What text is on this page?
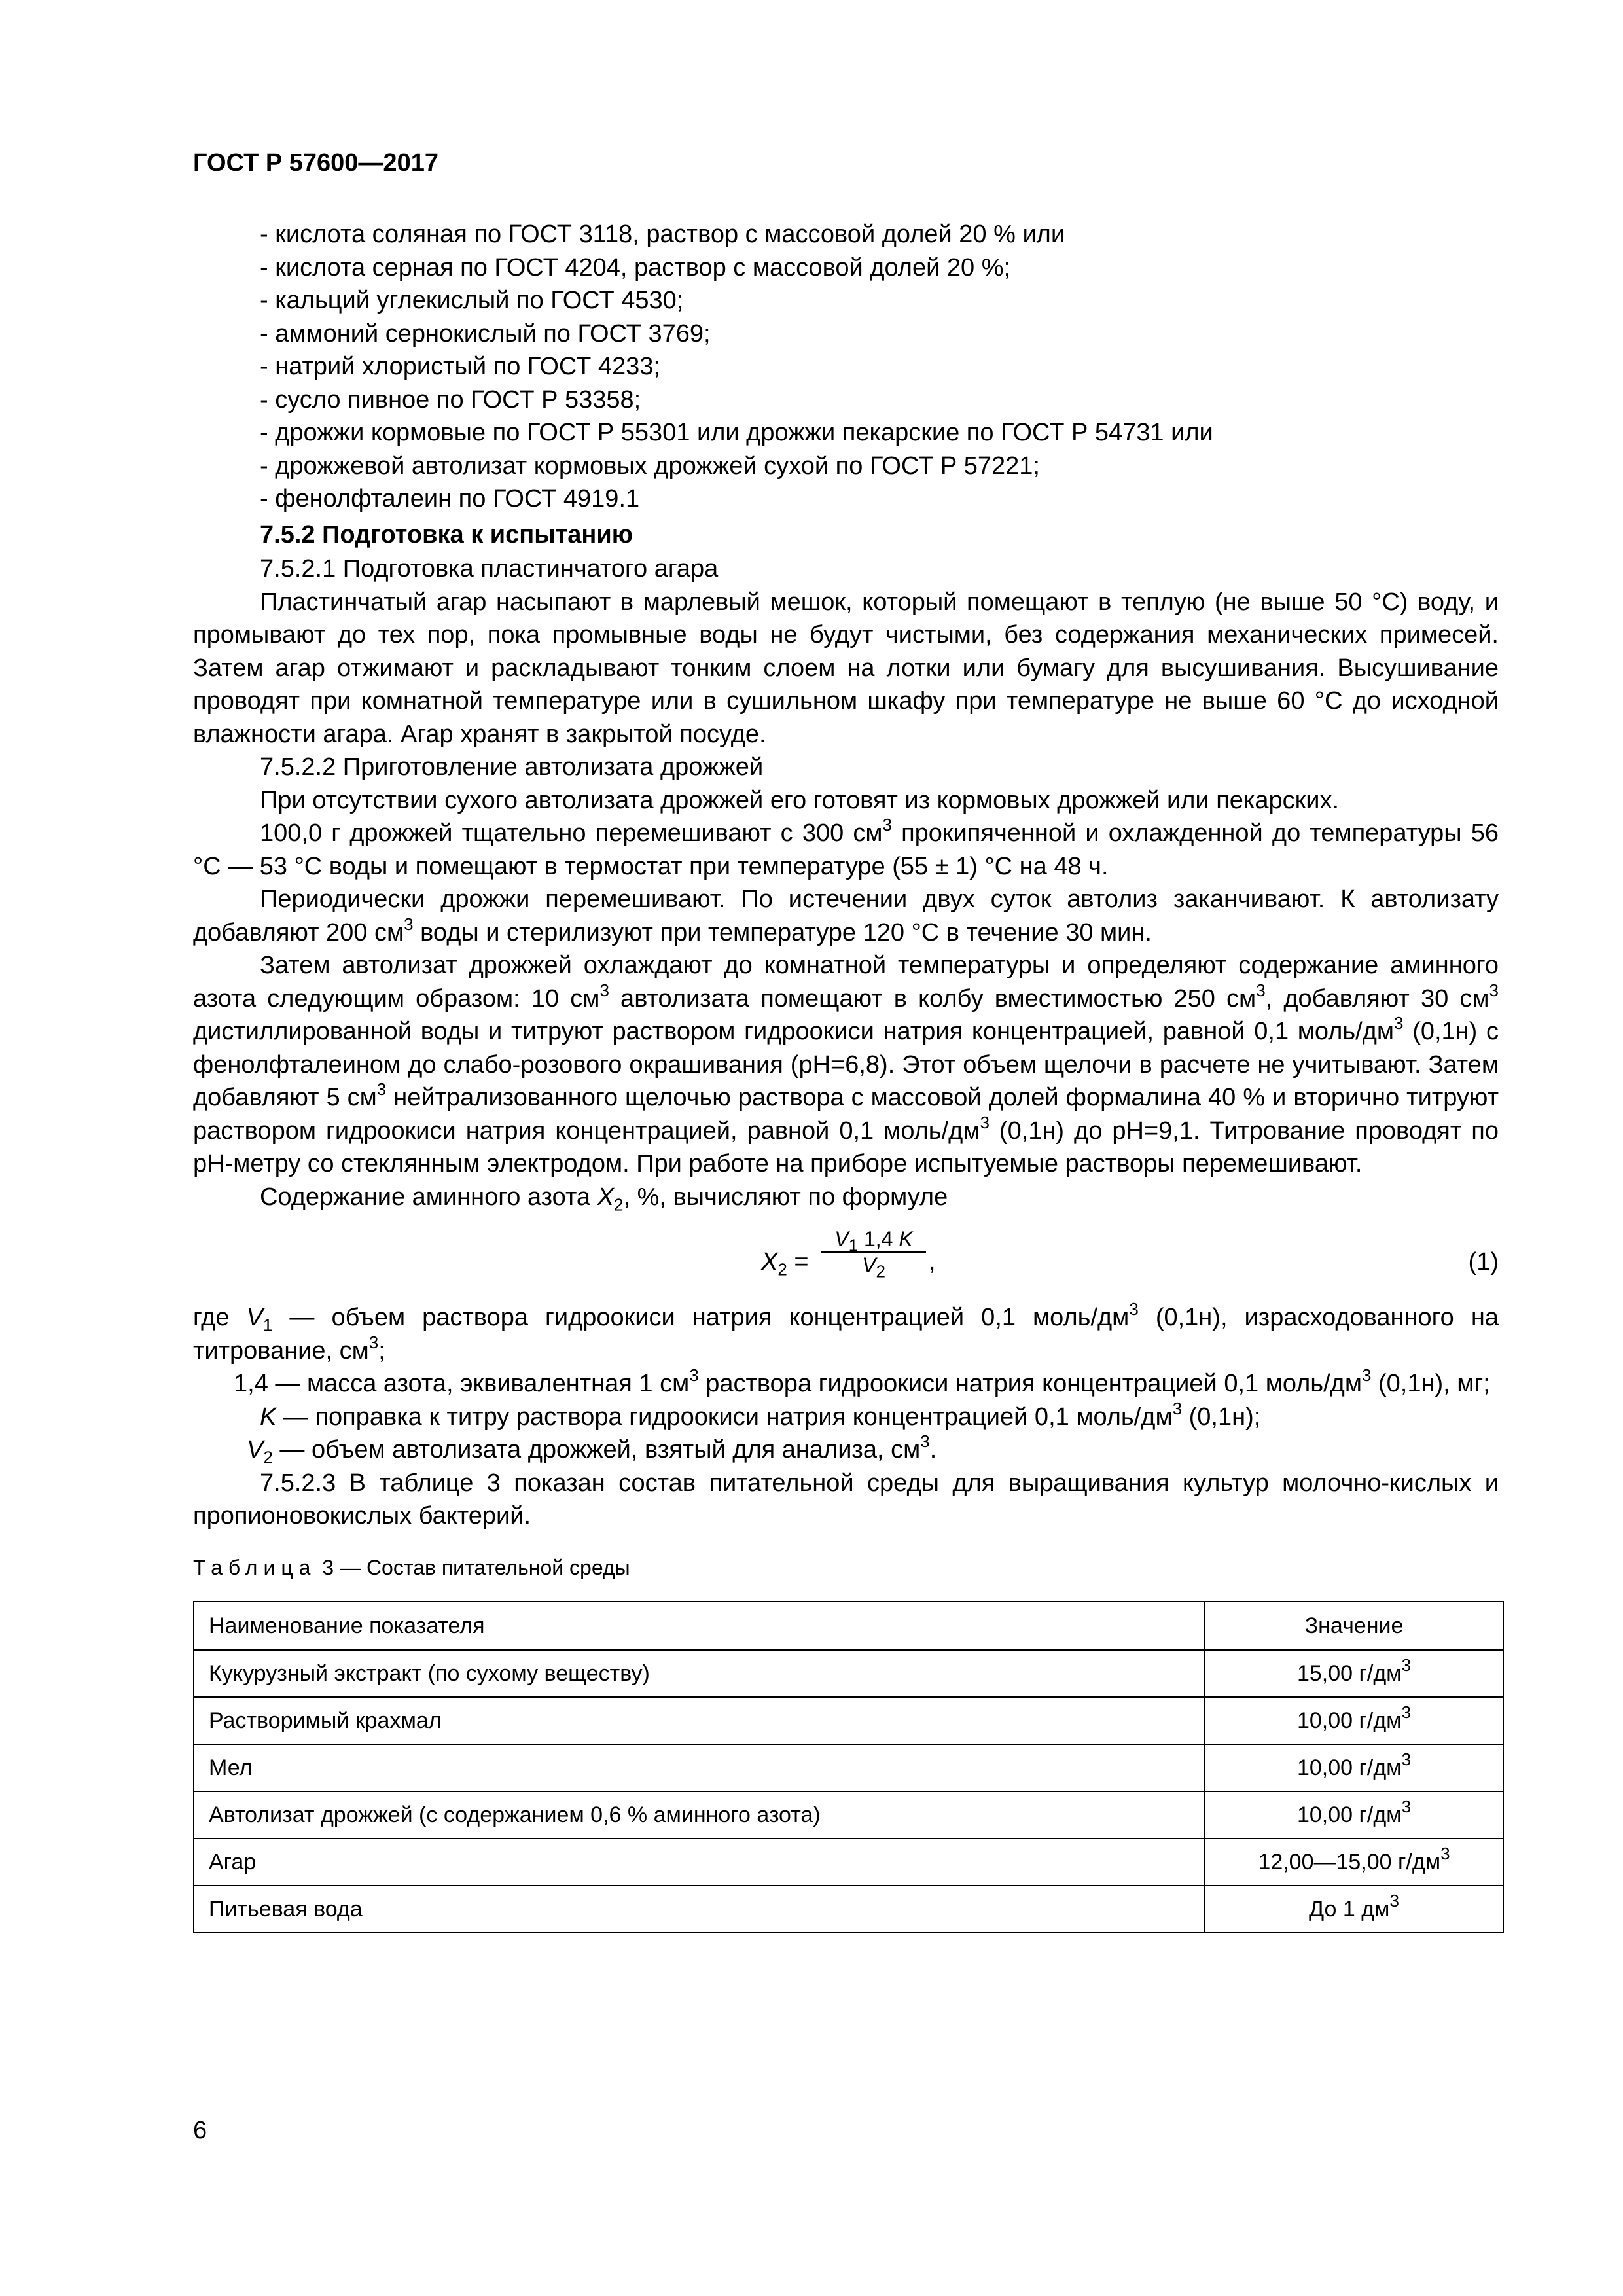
ГОСТ Р 57600—2017
- кислота соляная по ГОСТ 3118, раствор с массовой долей 20 % или
- кислота серная по ГОСТ 4204, раствор с массовой долей 20 %;
- кальций углекислый по ГОСТ 4530;
- аммоний сернокислый по ГОСТ 3769;
- натрий хлористый по ГОСТ 4233;
- сусло пивное по ГОСТ Р 53358;
- дрожжи кормовые по ГОСТ Р 55301 или дрожжи пекарские по ГОСТ Р 54731 или
- дрожжевой автолизат кормовых дрожжей сухой по ГОСТ Р 57221;
- фенолфталеин по ГОСТ 4919.1
7.5.2 Подготовка к испытанию

7.5.2.1 Подготовка пластинчатого агара

Пластинчатый агар насыпают в марлевый мешок, который помещают в теплую (не выше 50 °С) воду, и промывают до тех пор, пока промывные воды не будут чистыми, без содержания механических примесей. Затем агар отжимают и раскладывают тонким слоем на лотки или бумагу для высушивания. Высушивание проводят при комнатной температуре или в сушильном шкафу при температуре не выше 60 °С до исходной влажности агара. Агар хранят в закрытой посуде.

7.5.2.2 Приготовление автолизата дрожжей

При отсутствии сухого автолизата дрожжей его готовят из кормовых дрожжей или пекарских.

100,0 г дрожжей тщательно перемешивают с 300 $см^3$ прокипяченной и охлажденной до температуры 56 °С — 53 °С воды и помещают в термостат при температуре (55 ± 1) °С на 48 ч.

Периодически дрожжи перемешивают. По истечении двух суток автолиз заканчивают. К автолизату добавляют 200 $см^3$ воды и стерилизуют при температуре 120 °С в течение 30 мин.

Затем автолизат дрожжей охлаждают до комнатной температуры и определяют содержание аминного азота следующим образом: 10 $см^3$ автолизата помещают в колбу вместимостью 250 $см^3$, добавляют 30 $см^3$ дистиллированной воды и титруют раствором гидроокиси натрия концентрацией, равной 0,1 моль/$дм^3$ (0,1н) с фенолфталеином до слабо-розового окрашивания (pH=6,8). Этот объем щелочи в расчете не учитывают. Затем добавляют 5 $см^3$ нейтрализованного щелочью раствора с массовой долей формалина 40 % и вторично титруют раствором гидроокиси натрия концентрацией, равной 0,1 моль/$дм^3$ (0,1н) до pH=9,1. Титрование проводят по pH-метру со стеклянным электродом. При работе на приборе испытуемые растворы перемешивают.

Содержание аминного азота $X_2$, %, вычисляют по формуле

$X_2 = \frac{V_1 1,4 K}{V_2}$ ,	(1)

где $V_1$ — объем раствора гидроокиси натрия концентрацией 0,1 моль/$дм^3$ (0,1н), израсходованного на титрование, $см^3$;

1,4 — масса азота, эквивалентная 1 $см^3$ раствора гидроокиси натрия концентрацией 0,1 моль/$дм^3$ (0,1н), мг;

K — поправка к титру раствора гидроокиси натрия концентрацией 0,1 моль/$дм^3$ (0,1н);

$V_2$ — объем автолизата дрожжей, взятый для анализа, $см^3$.

7.5.2.3 В таблице 3 показан состав питательной среды для выращивания культур молочно-кислых и пропионовокислых бактерий.

Таблица 3 — Состав питательной среды
Наименование показателя	Значение
Кукурузный экстракт (по сухому веществу)	15,00 $г/дм^3$
Растворимый крахмал	10,00 $г/дм^3$
Мел	10,00 $г/дм^3$
Автолизат дрожжей (с содержанием 0,6 % аминного азота)	10,00 $г/дм^3$
Агар	12,00—15,00 $г/дм^3$
Питьевая вода	До 1 $дм^3$
6
